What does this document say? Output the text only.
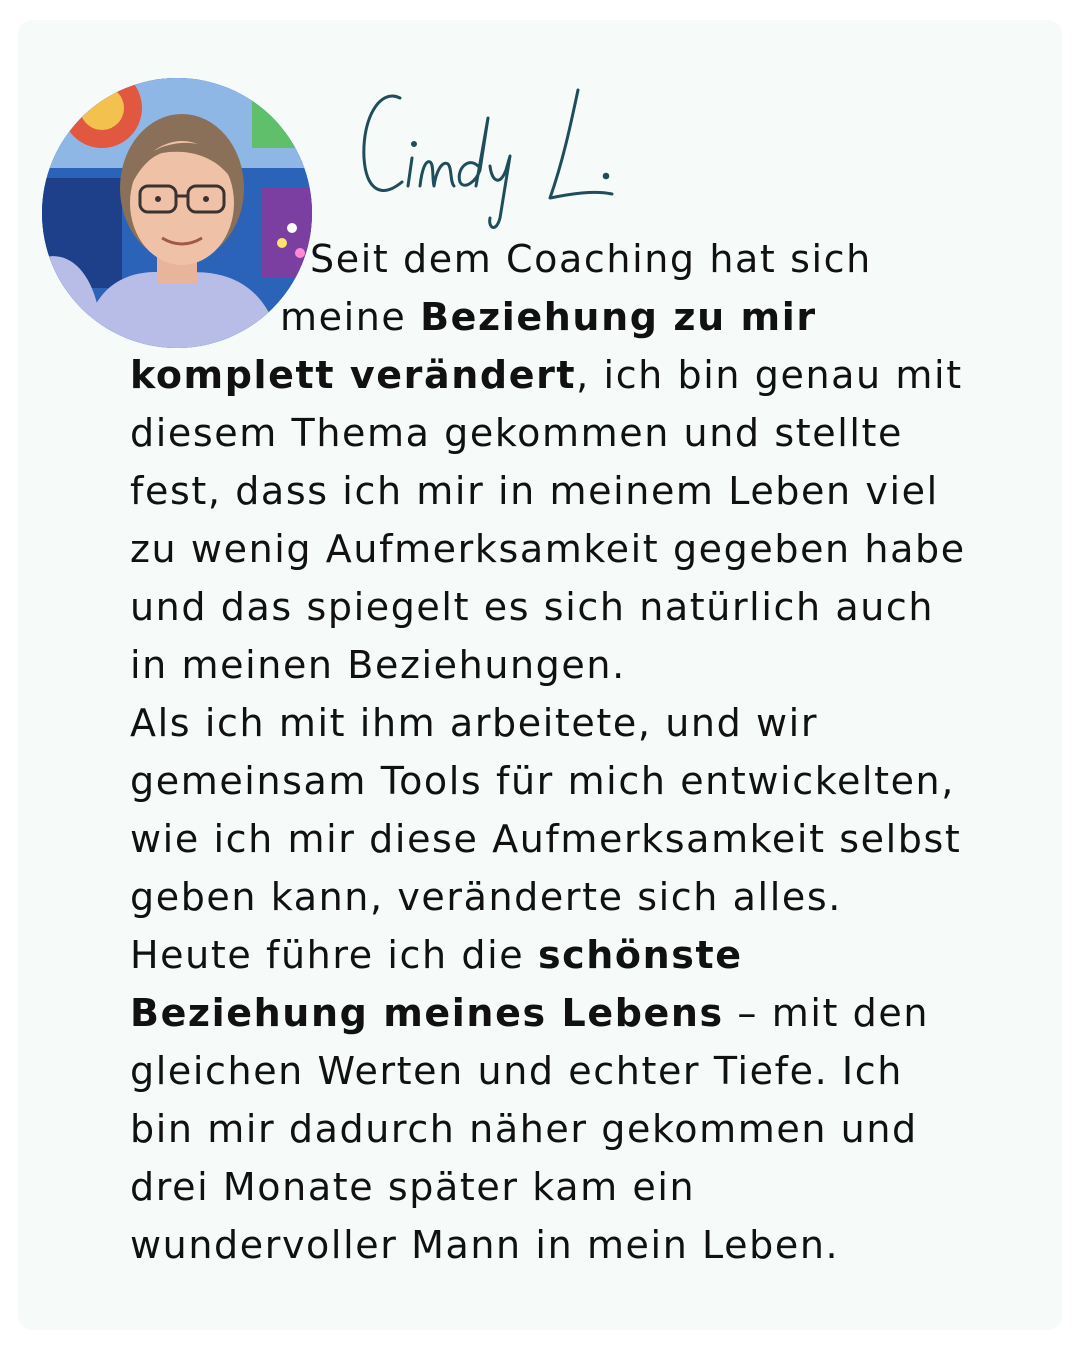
Cindy L.

Seit dem Coaching hat sich meine Beziehung zu mir komplett verändert, ich bin genau mit diesem Thema gekommen und stellte fest, dass ich mir in meinem Leben viel zu wenig Aufmerksamkeit gegeben habe und das spiegelt es sich natürlich auch in meinen Beziehungen.
Als ich mit ihm arbeitete, und wir gemeinsam Tools für mich entwickelten, wie ich mir diese Aufmerksamkeit selbst geben kann, veränderte sich alles.
Heute führe ich die schönste Beziehung meines Lebens – mit den gleichen Werten und echter Tiefe. Ich bin mir dadurch näher gekommen und drei Monate später kam ein wundervoller Mann in mein Leben.
